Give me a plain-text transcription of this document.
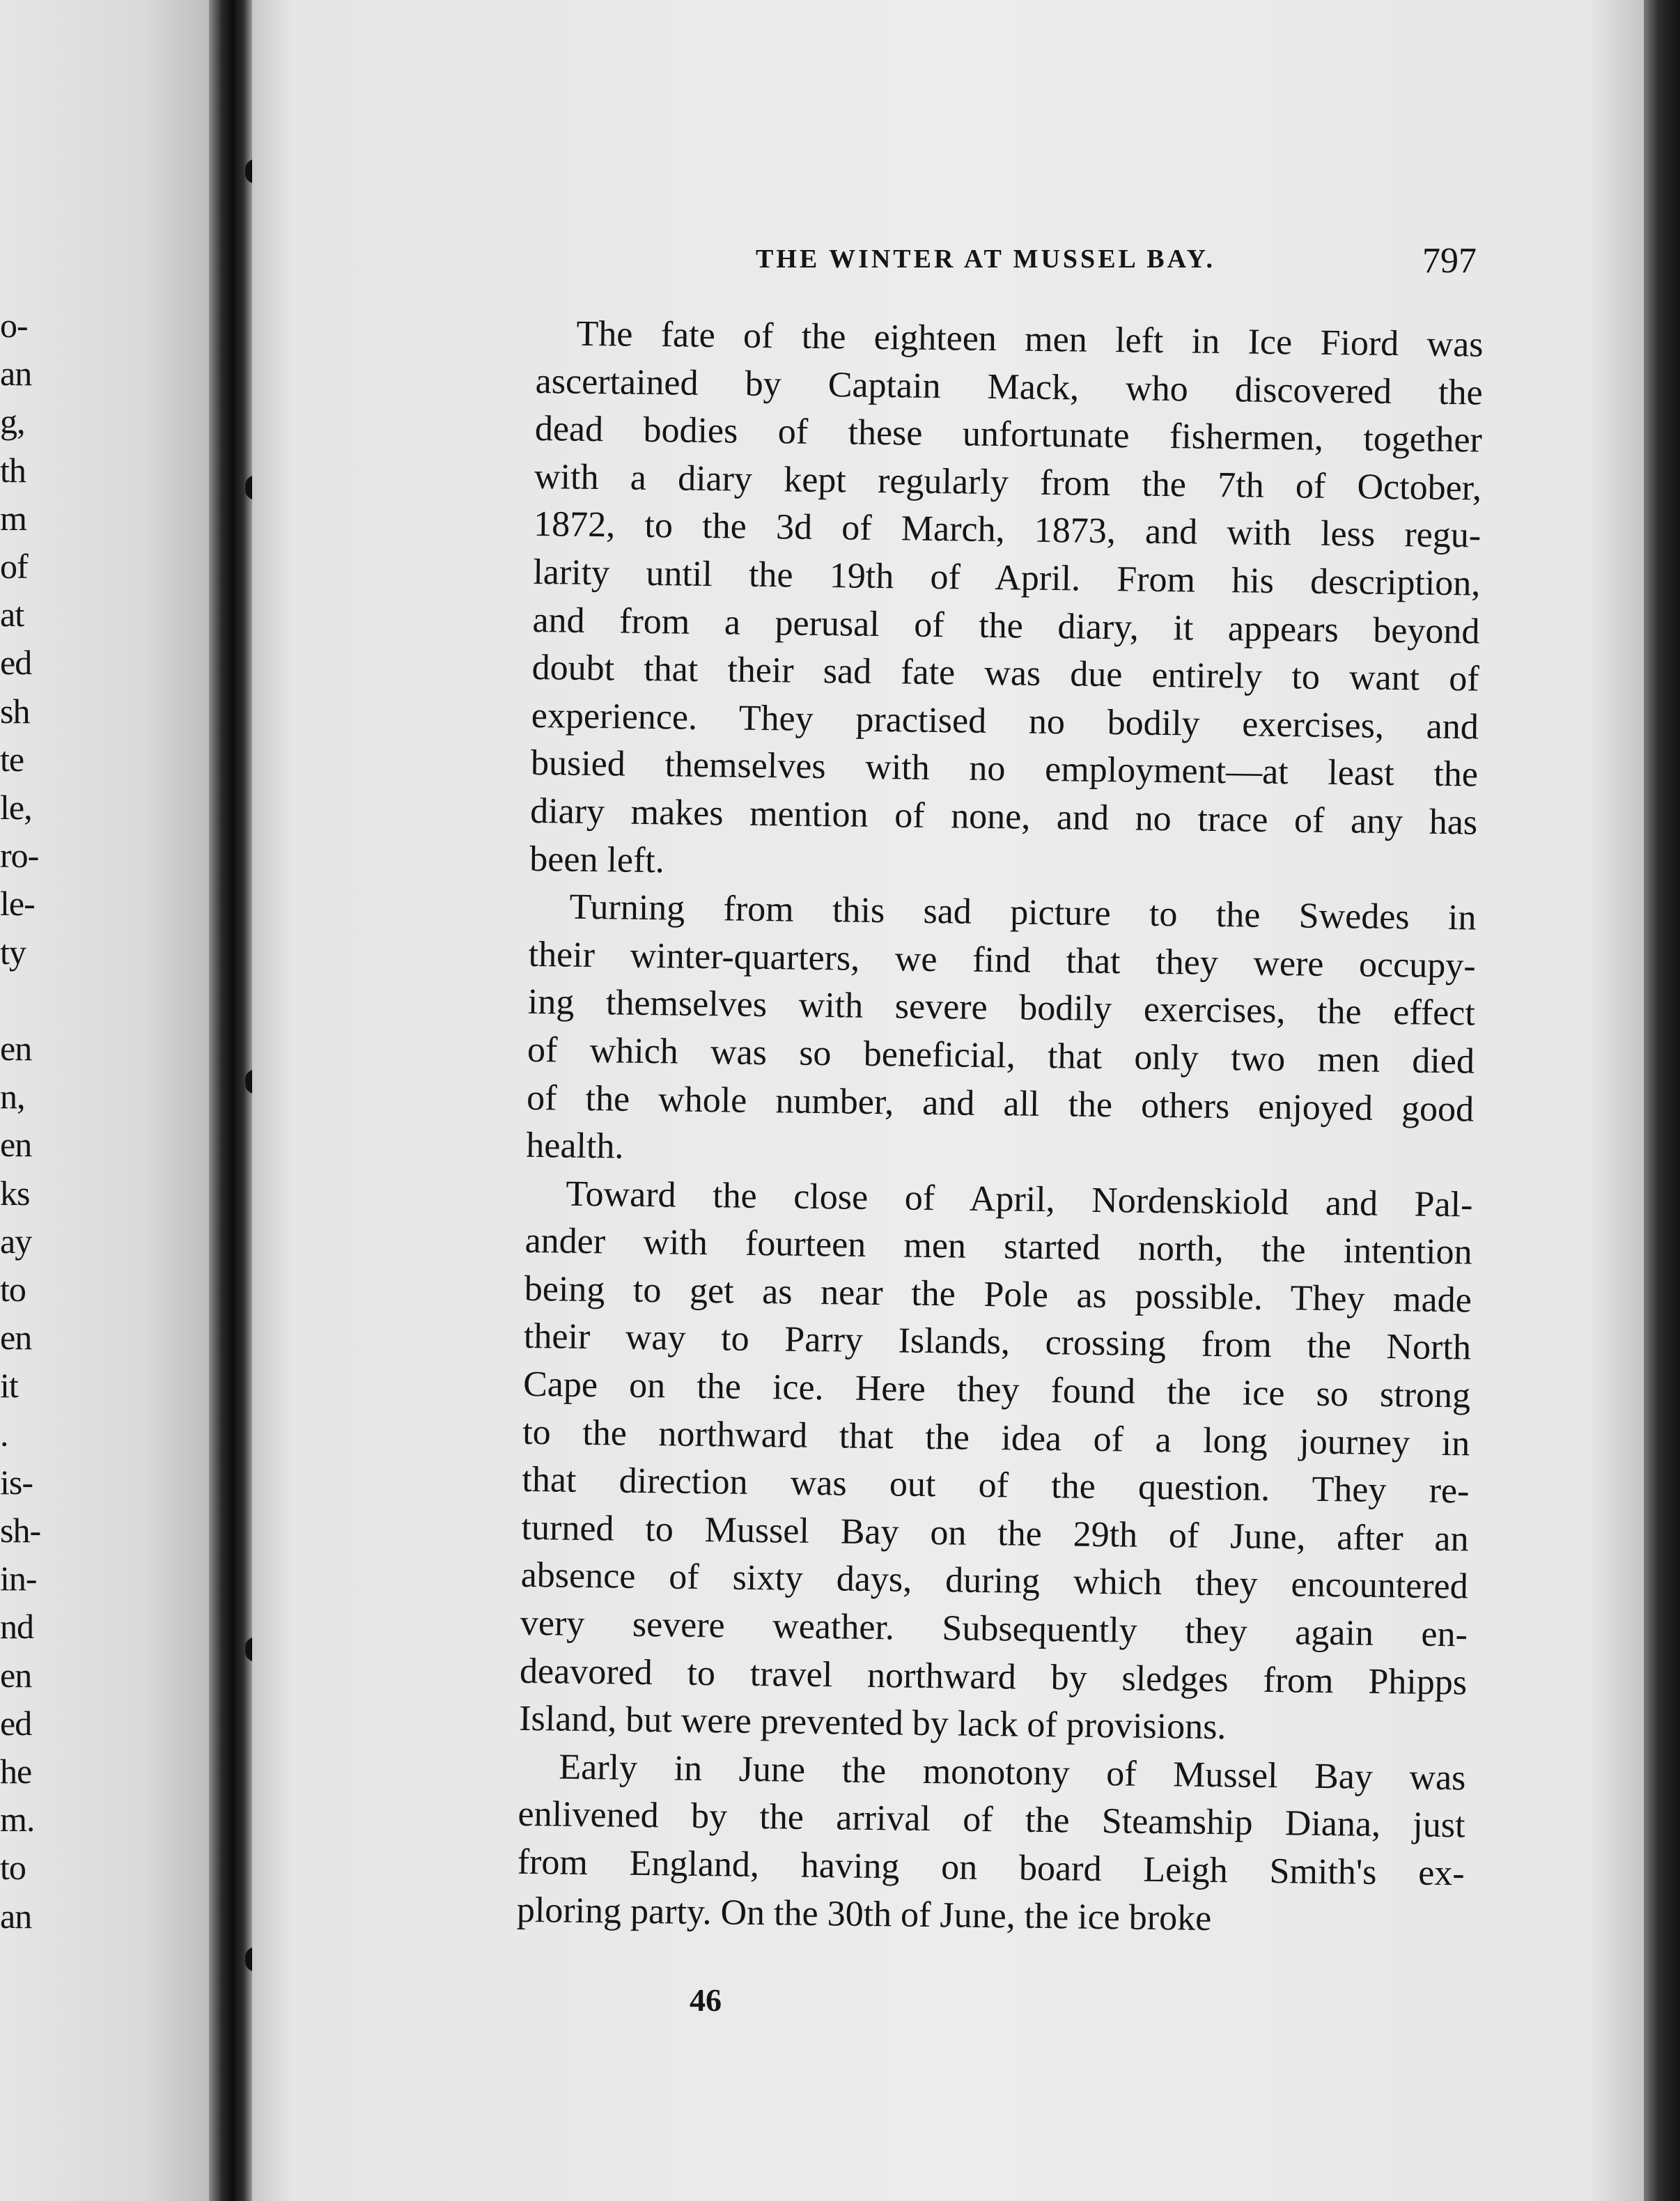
o-
an
g,
th
m
of
at
ed
sh
te
le,
ro-
le-
ty
en
n,
en
ks
ay
to
en
it
.
is-
sh-
in-
nd
en
ed
he
m.
to
an
THE WINTER AT MUSSEL BAY.	797
The fate of the eighteen men left in Ice Fiord was
ascertained by Captain Mack, who discovered the
dead bodies of these unfortunate fishermen, together
with a diary kept regularly from the 7th of October,
1872, to the 3d of March, 1873, and with less regu-
larity until the 19th of April. From his description,
and from a perusal of the diary, it appears beyond
doubt that their sad fate was due entirely to want of
experience. They practised no bodily exercises, and
busied themselves with no employment—at least the
diary makes mention of none, and no trace of any has
been left.
Turning from this sad picture to the Swedes in
their winter-quarters, we find that they were occupy-
ing themselves with severe bodily exercises, the effect
of which was so beneficial, that only two men died
of the whole number, and all the others enjoyed good
health.
Toward the close of April, Nordenskiold and Pal-
ander with fourteen men started north, the intention
being to get as near the Pole as possible. They made
their way to Parry Islands, crossing from the North
Cape on the ice. Here they found the ice so strong
to the northward that the idea of a long journey in
that direction was out of the question. They re-
turned to Mussel Bay on the 29th of June, after an
absence of sixty days, during which they encountered
very severe weather. Subsequently they again en-
deavored to travel northward by sledges from Phipps
Island, but were prevented by lack of provisions.
Early in June the monotony of Mussel Bay was
enlivened by the arrival of the Steamship Diana, just
from England, having on board Leigh Smith's ex-
ploring party. On the 30th of June, the ice broke
46
